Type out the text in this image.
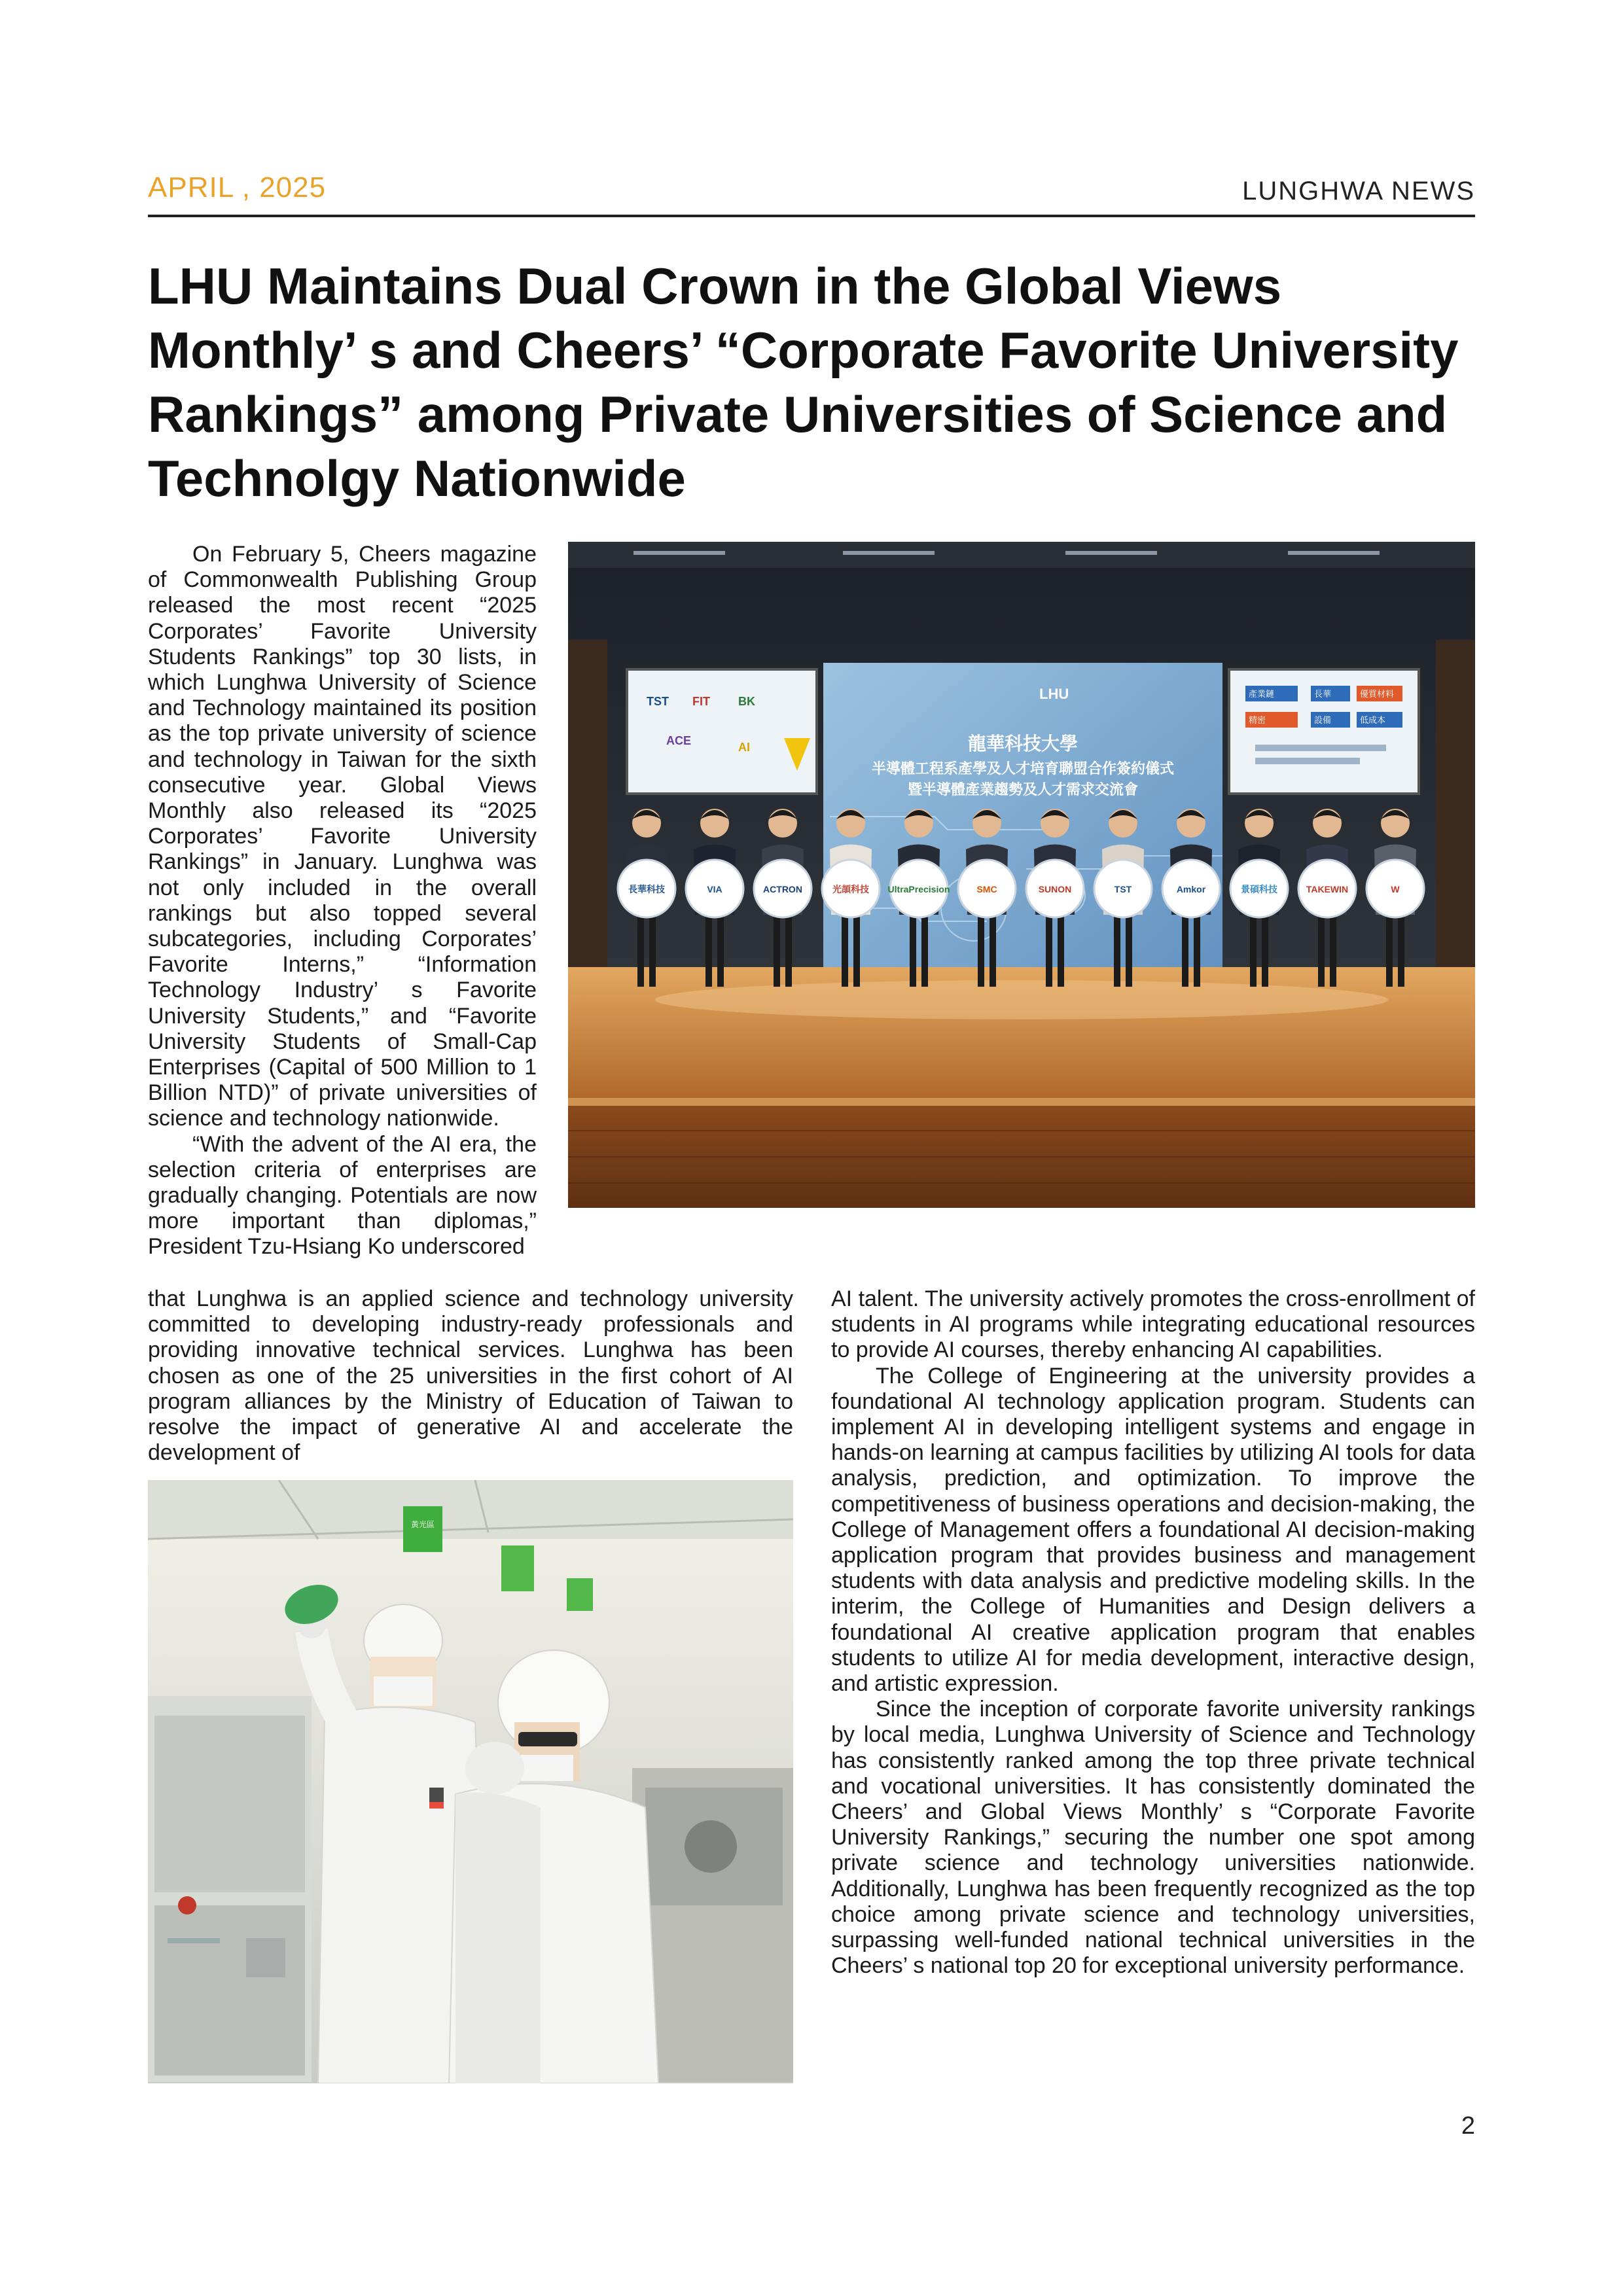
APRIL , 2025	LUNGHWA NEWS
LHU Maintains Dual Crown in the Global Views Monthly’ s and Cheers’ “Corporate Favorite University Rankings” among Private Universities of Science and Technolgy Nationwide

On February 5, Cheers magazine of Commonwealth Publishing Group released the most recent “2025 Corporates’ Favorite University Students Rankings” top 30 lists, in which Lunghwa University of Science and Technology maintained its position as the top private university of science and technology in Taiwan for the sixth consecutive year. Global Views Monthly also released its “2025 Corporates’ Favorite University Rankings” in January. Lunghwa was not only included in the overall rankings but also topped several subcategories, including Corporates’ Favorite Interns,” “Information Technology Industry’ s Favorite University Students,” and “Favorite University Students of Small-Cap Enterprises (Capital of 500 Million to 1 Billion NTD)” of private universities of science and technology nationwide.

“With the advent of the AI era, the selection criteria of enterprises are gradually changing. Potentials are now more important than diplomas,” President Tzu-Hsiang Ko underscored

TST FIT BK
ACE	AI
LHU
龍華科技大學
半導體工程系產學及人才培育聯盟合作簽約儀式
暨半導體產業趨勢及人才需求交流會
長華	優質材料
精密	設備	低成本
產業鏈
長華科技	VIA	ACTRON	光頡科技 UltraPrecision	SMC	SUNON	TST	Amkor	景碩科技	TAKEWIN	W

that Lunghwa is an applied science and technology university committed to developing industry-ready professionals and providing innovative technical services. Lunghwa has been chosen as one of the 25 universities in the first cohort of AI program alliances by the Ministry of Education of Taiwan to resolve the impact of generative AI and accelerate the development of

黃光區

AI talent. The university actively promotes the cross-enrollment of students in AI programs while integrating educational resources to provide AI courses, thereby enhancing AI capabilities.

The College of Engineering at the university provides a foundational AI technology application program. Students can implement AI in developing intelligent systems and engage in hands-on learning at campus facilities by utilizing AI tools for data analysis, prediction, and optimization. To improve the competitiveness of business operations and decision-making, the College of Management offers a foundational AI decision-making application program that provides business and management students with data analysis and predictive modeling skills. In the interim, the College of Humanities and Design delivers a foundational AI creative application program that enables students to utilize AI for media development, interactive design, and artistic expression.

Since the inception of corporate favorite university rankings by local media, Lunghwa University of Science and Technology has consistently ranked among the top three private technical and vocational universities. It has consistently dominated the Cheers’ and Global Views Monthly’ s “Corporate Favorite University Rankings,” securing the number one spot among private science and technology universities nationwide. Additionally, Lunghwa has been frequently recognized as the top choice among private science and technology universities, surpassing well-funded national technical universities in the Cheers’ s national top 20 for exceptional university performance.

2
